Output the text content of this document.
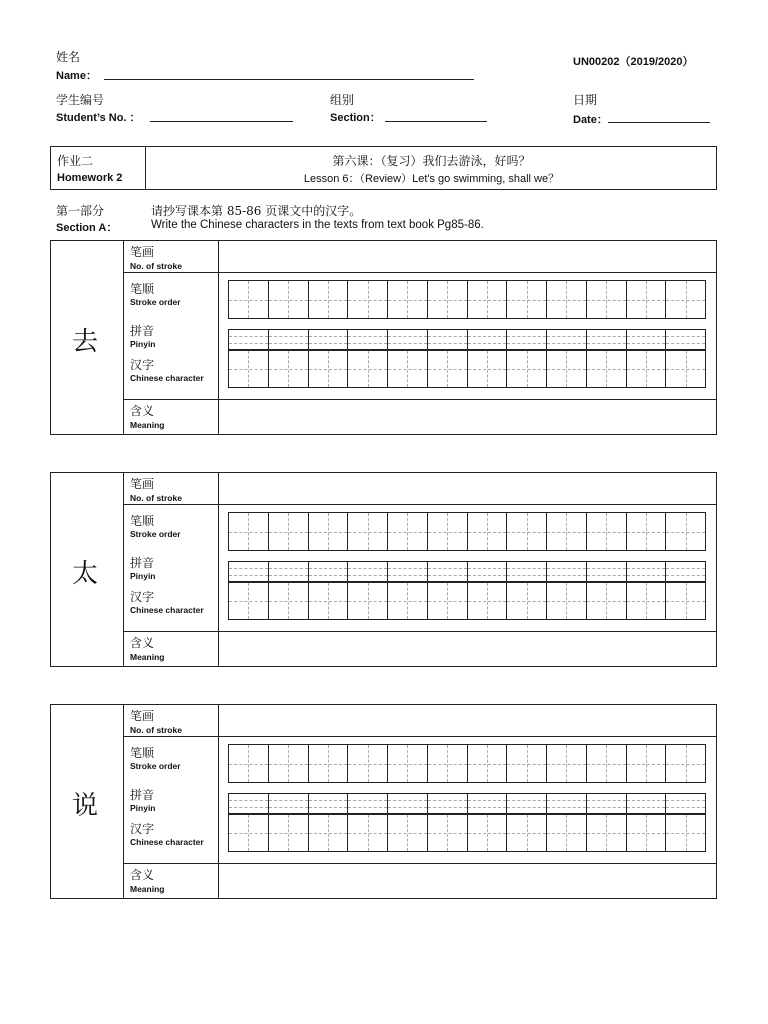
姓名
Name：
UN00202（2019/2020）
学生编号
Student’s No. ：
组别
Section：
日期
Date：
作业二
Homework 2
第六课：（复习）我们去游泳，好吗？
Lesson 6：（Review）Let's go swimming, shall we？
第一部分
Section A：
请抄写课本第 85-86 页课文中的汉字。
Write the Chinese characters in the texts from text book Pg85-86.
去
笔画
No. of stroke
笔顺
Stroke order
拼音
Pinyin
汉字
Chinese character
含义
Meaning
太
笔画
No. of stroke
笔顺
Stroke order
拼音
Pinyin
汉字
Chinese character
含义
Meaning
说
笔画
No. of stroke
笔顺
Stroke order
拼音
Pinyin
汉字
Chinese character
含义
Meaning
